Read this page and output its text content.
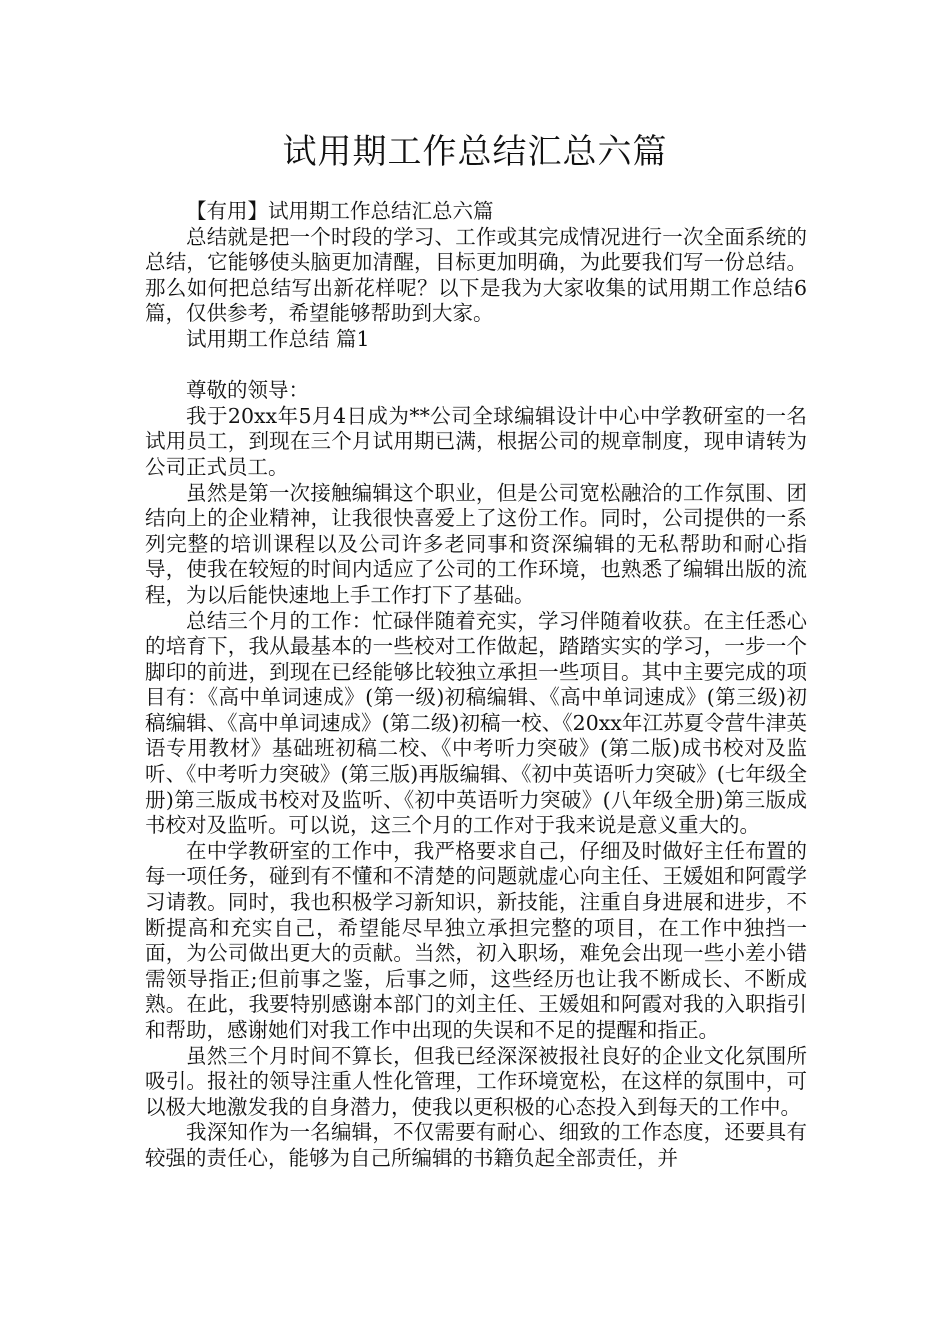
试用期工作总结汇总六篇

【有用】试用期工作总结汇总六篇

总结就是把一个时段的学习、工作或其完成情况进行一次全面系统的总结，它能够使头脑更加清醒，目标更加明确，为此要我们写一份总结。那么如何把总结写出新花样呢？以下是我为大家收集的试用期工作总结6篇，仅供参考，希望能够帮助到大家。

试用期工作总结 篇1

尊敬的领导：

我于20xx年5月4日成为**公司全球编辑设计中心中学教研室的一名试用员工，到现在三个月试用期已满，根据公司的规章制度，现申请转为公司正式员工。

虽然是第一次接触编辑这个职业，但是公司宽松融洽的工作氛围、团结向上的企业精神，让我很快喜爱上了这份工作。同时，公司提供的一系列完整的培训课程以及公司许多老同事和资深编辑的无私帮助和耐心指导，使我在较短的时间内适应了公司的工作环境，也熟悉了编辑出版的流程，为以后能快速地上手工作打下了基础。

总结三个月的工作：忙碌伴随着充实，学习伴随着收获。在主任悉心的培育下，我从最基本的一些校对工作做起，踏踏实实的学习，一步一个脚印的前进，到现在已经能够比较独立承担一些项目。其中主要完成的项目有：《高中单词速成》(第一级)初稿编辑、《高中单词速成》(第三级)初稿编辑、《高中单词速成》(第二级)初稿一校、《20xx年江苏夏令营牛津英语专用教材》基础班初稿二校、《中考听力突破》(第二版)成书校对及监听、《中考听力突破》(第三版)再版编辑、《初中英语听力突破》(七年级全册)第三版成书校对及监听、《初中英语听力突破》(八年级全册)第三版成书校对及监听。可以说，这三个月的工作对于我来说是意义重大的。

在中学教研室的工作中，我严格要求自己，仔细及时做好主任布置的每一项任务，碰到有不懂和不清楚的问题就虚心向主任、王媛姐和阿霞学习请教。同时，我也积极学习新知识，新技能，注重自身进展和进步，不断提高和充实自己，希望能尽早独立承担完整的项目，在工作中独挡一面，为公司做出更大的贡献。当然，初入职场，难免会出现一些小差小错需领导指正;但前事之鉴，后事之师，这些经历也让我不断成长、不断成熟。在此，我要特别感谢本部门的刘主任、王媛姐和阿霞对我的入职指引和帮助，感谢她们对我工作中出现的失误和不足的提醒和指正。

虽然三个月时间不算长，但我已经深深被报社良好的企业文化氛围所吸引。报社的领导注重人性化管理，工作环境宽松，在这样的氛围中，可以极大地激发我的自身潜力，使我以更积极的心态投入到每天的工作中。

我深知作为一名编辑，不仅需要有耐心、细致的工作态度，还要具有较强的责任心，能够为自己所编辑的书籍负起全部责任，并
